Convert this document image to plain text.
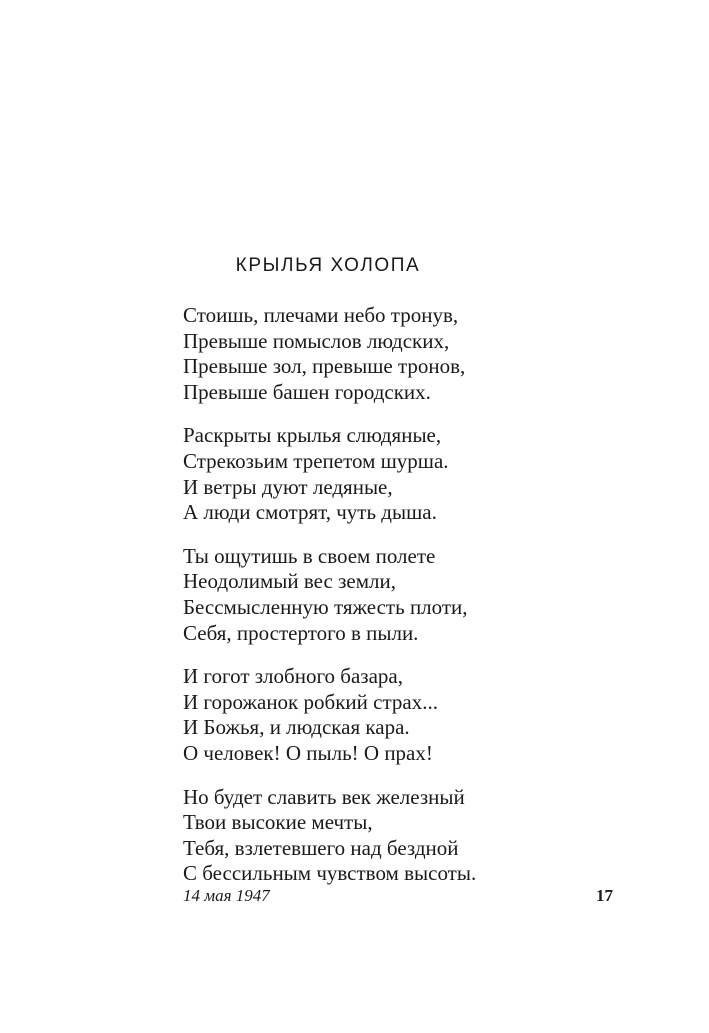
КРЫЛЬЯ ХОЛОПА
Стоишь, плечами небо тронув,
Превыше помыслов людских,
Превыше зол, превыше тронов,
Превыше башен городских.
Раскрыты крылья слюдяные,
Стрекозьим трепетом шурша.
И ветры дуют ледяные,
А люди смотрят, чуть дыша.
Ты ощутишь в своем полете
Неодолимый вес земли,
Бессмысленную тяжесть плоти,
Себя, простертого в пыли.
И гогот злобного базара,
И горожанок робкий страх...
И Божья, и людская кара.
О человек! О пыль! О прах!
Но будет славить век железный
Твои высокие мечты,
Тебя, взлетевшего над бездной
С бессильным чувством высоты.
14 мая 1947	17
